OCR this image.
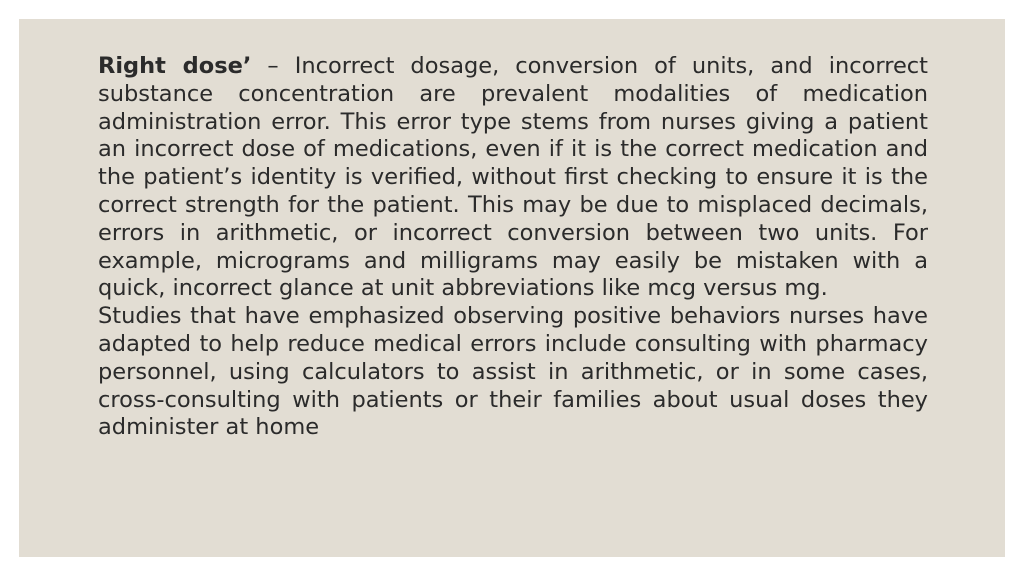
Right dose’ – Incorrect dosage, conversion of units, and incorrect substance concentration are prevalent modalities of medication administration error. This error type stems from nurses giving a patient an incorrect dose of medications, even if it is the correct medication and the patient’s identity is verified, without first checking to ensure it is the correct strength for the patient. This may be due to misplaced decimals, errors in arithmetic, or incorrect conversion between two units. For example, micrograms and milligrams may easily be mistaken with a quick, incorrect glance at unit abbreviations like mcg versus mg.
Studies that have emphasized observing positive behaviors nurses have adapted to help reduce medical errors include consulting with pharmacy personnel, using calculators to assist in arithmetic, or in some cases, cross-consulting with patients or their families about usual doses they administer at home
